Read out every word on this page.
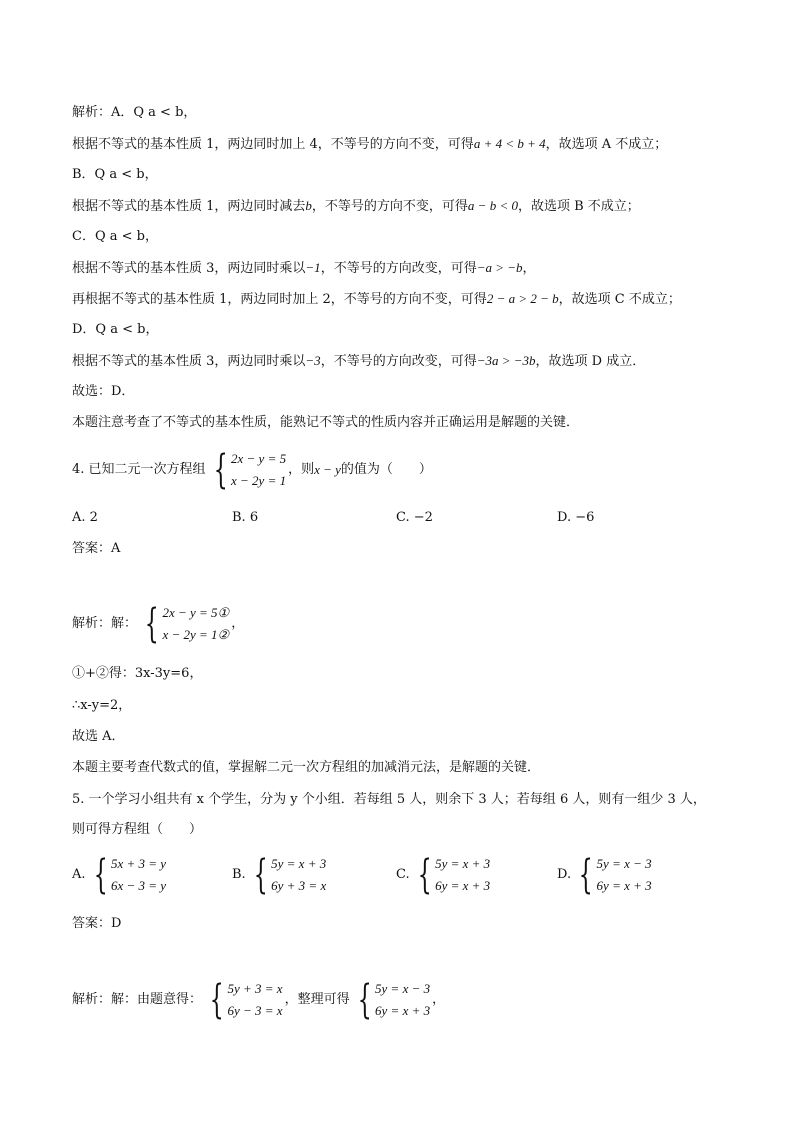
解析：A．Q a < b，
根据不等式的基本性质 1，两边同时加上 4，不等号的方向不变，可得a + 4 < b + 4，故选项 A 不成立；
B．Q a < b，
根据不等式的基本性质 1，两边同时减去b，不等号的方向不变，可得a − b < 0，故选项 B 不成立；
C．Q a < b，
根据不等式的基本性质 3，两边同时乘以−1，不等号的方向改变，可得−a > −b，
再根据不等式的基本性质 1，两边同时加上 2，不等号的方向不变，可得2 − a > 2 − b，故选项 C 不成立；
D．Q a < b，
根据不等式的基本性质 3，两边同时乘以−3，不等号的方向改变，可得−3a > −3b，故选项 D 成立．
故选：D．
本题注意考查了不等式的基本性质，能熟记不等式的性质内容并正确运用是解题的关键．
4. 已知二元一次方程组 { 2x − y = 5
x − 2y = 1
，则x − y的值为（　　）
A. 2	B. 6	C. −2	D. −6
答案：A
解析：解： { 2x − y = 5①
x − 2y = 1②
，
①+②得：3x-3y=6，
∴x-y=2，
故选 A．
本题主要考查代数式的值，掌握解二元一次方程组的加减消元法，是解题的关键．
5. 一个学习小组共有 x 个学生，分为 y 个小组．若每组 5 人，则余下 3 人；若每组 6 人，则有一组少 3 人，
则可得方程组（　　）
A. { 5x + 3 = y
6x − 3 = y
B. { 5y = x + 3
6y + 3 = x
C. { 5y = x + 3
6y = x + 3
D. { 5y = x − 3
6y = x + 3
答案：D
解析：解：由题意得： { 5y + 3 = x
6y − 3 = x
，整理可得 { 5y = x − 3
6y = x + 3
，
